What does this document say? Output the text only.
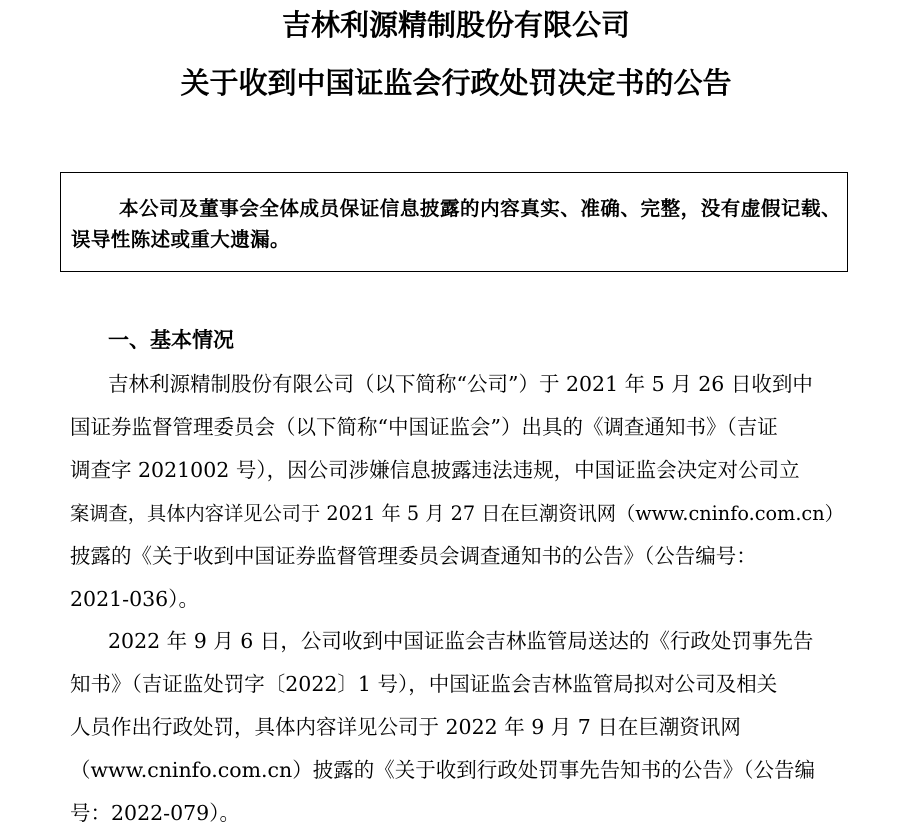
吉林利源精制股份有限公司
关于收到中国证监会行政处罚决定书的公告
本公司及董事会全体成员保证信息披露的内容真实、准确、完整，没有虚假记载、误导性陈述或重大遗漏。
一、基本情况
吉林利源精制股份有限公司（以下简称“公司”）于 2021 年 5 月 26 日收到中
国证券监督管理委员会（以下简称“中国证监会”）出具的《调查通知书》（吉证
调查字 2021002 号），因公司涉嫌信息披露违法违规，中国证监会决定对公司立
案调查，具体内容详见公司于 2021 年 5 月 27 日在巨潮资讯网（www.cninfo.com.cn）
披露的《关于收到中国证券监督管理委员会调查通知书的公告》（公告编号：
2021-036）。
2022 年 9 月 6 日，公司收到中国证监会吉林监管局送达的《行政处罚事先告
知书》（吉证监处罚字〔2022〕1 号），中国证监会吉林监管局拟对公司及相关
人员作出行政处罚，具体内容详见公司于 2022 年 9 月 7 日在巨潮资讯网
（www.cninfo.com.cn）披露的《关于收到行政处罚事先告知书的公告》（公告编
号：2022-079）。
